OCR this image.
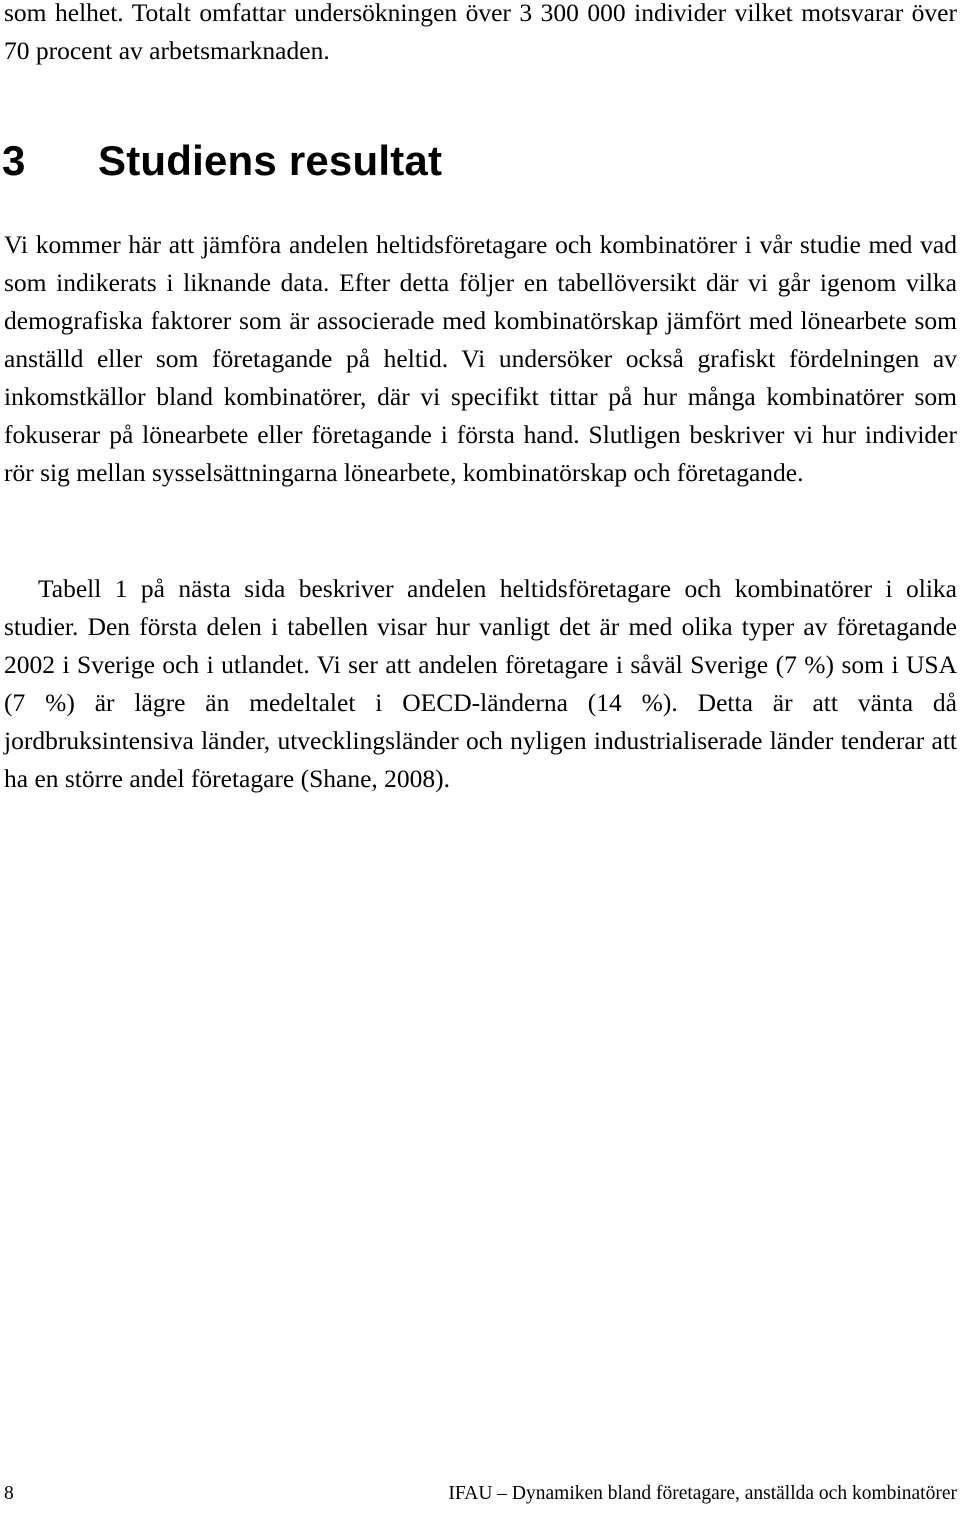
som helhet. Totalt omfattar undersökningen över 3 300 000 individer vilket motsvarar över 70 procent av arbetsmarknaden.

3 Studiens resultat

Vi kommer här att jämföra andelen heltidsföretagare och kombinatörer i vår studie med vad som indikerats i liknande data. Efter detta följer en tabellöversikt där vi går igenom vilka demografiska faktorer som är associerade med kombinatörskap jämfört med lönearbete som anställd eller som företagande på heltid. Vi undersöker också grafiskt fördelningen av inkomstkällor bland kombinatörer, där vi specifikt tittar på hur många kombinatörer som fokuserar på lönearbete eller företagande i första hand. Slutligen beskriver vi hur individer rör sig mellan sysselsättningarna lönearbete, kombinatörskap och företagande.

Tabell 1 på nästa sida beskriver andelen heltidsföretagare och kombinatörer i olika studier. Den första delen i tabellen visar hur vanligt det är med olika typer av företagande 2002 i Sverige och i utlandet. Vi ser att andelen företagare i såväl Sverige (7 %) som i USA (7 %) är lägre än medeltalet i OECD-länderna (14 %). Detta är att vänta då jordbruksintensiva länder, utvecklingsländer och nyligen industrialiserade länder tenderar att ha en större andel företagare (Shane, 2008).

8	IFAU – Dynamiken bland företagare, anställda och kombinatörer
